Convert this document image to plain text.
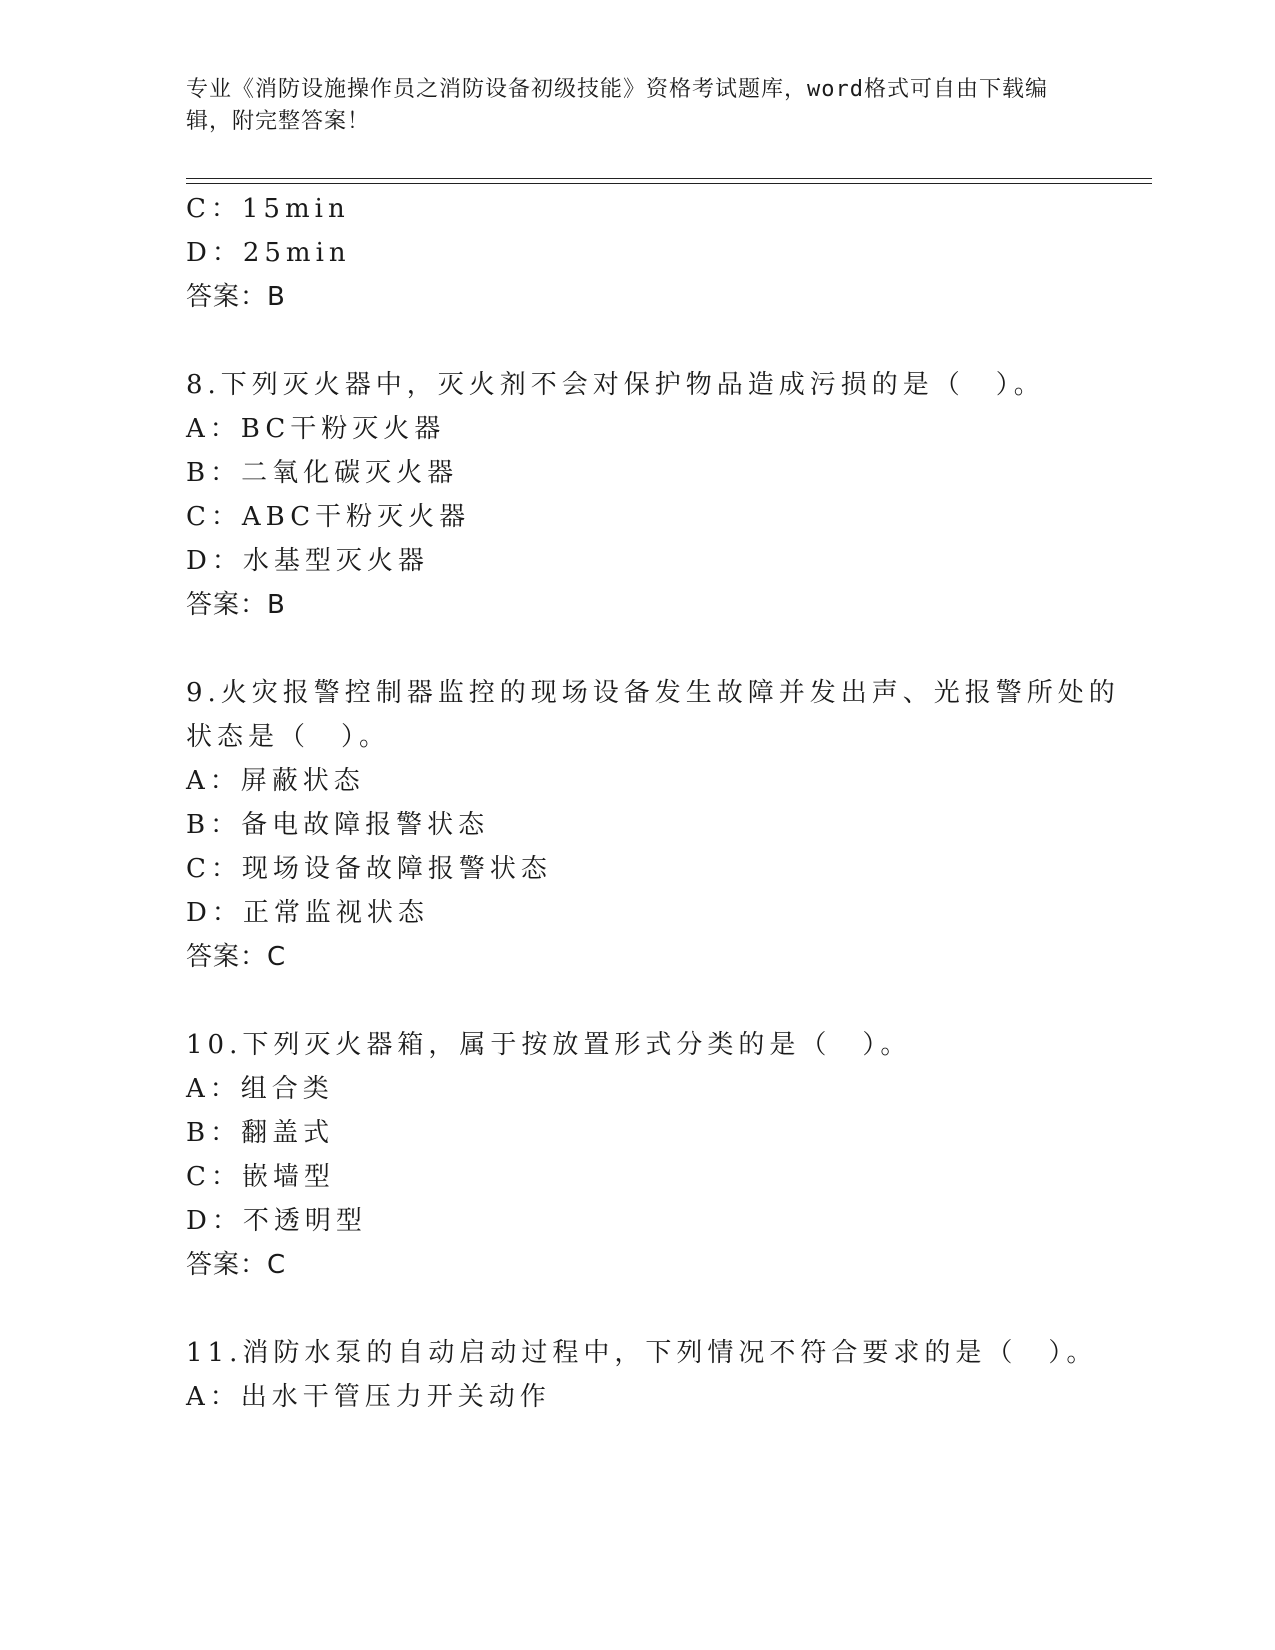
专业《消防设施操作员之消防设备初级技能》资格考试题库，word格式可自由下载编辑，附完整答案！
C：15min
D：25min
答案：B
8.下列灭火器中，灭火剂不会对保护物品造成污损的是（　）。
A：BC干粉灭火器
B：二氧化碳灭火器
C：ABC干粉灭火器
D：水基型灭火器
答案：B
9.火灾报警控制器监控的现场设备发生故障并发出声、光报警所处的
状态是（　）。
A：屏蔽状态
B：备电故障报警状态
C：现场设备故障报警状态
D：正常监视状态
答案：C
10.下列灭火器箱，属于按放置形式分类的是（　）。
A：组合类
B：翻盖式
C：嵌墙型
D：不透明型
答案：C
11.消防水泵的自动启动过程中，下列情况不符合要求的是（　）。
A：出水干管压力开关动作
